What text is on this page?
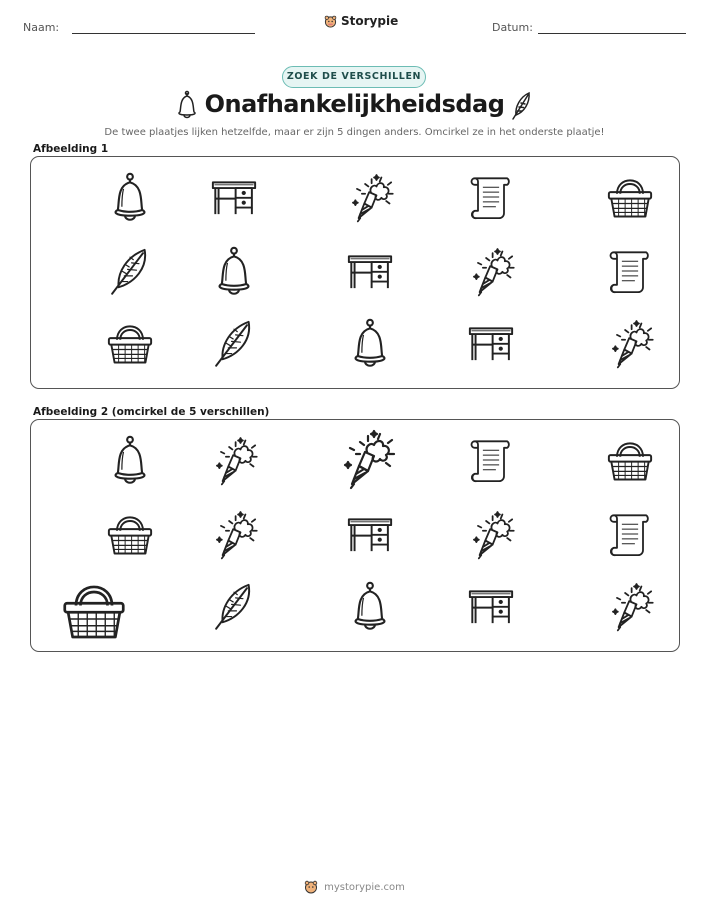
Naam:	Storypie	Datum:
ZOEK DE VERSCHILLEN
Onafhankelijkheidsdag
De twee plaatjes lijken hetzelfde, maar er zijn 5 dingen anders. Omcirkel ze in het onderste plaatje!
Afbeelding 1
Afbeelding 2 (omcirkel de 5 verschillen)
mystorypie.com
